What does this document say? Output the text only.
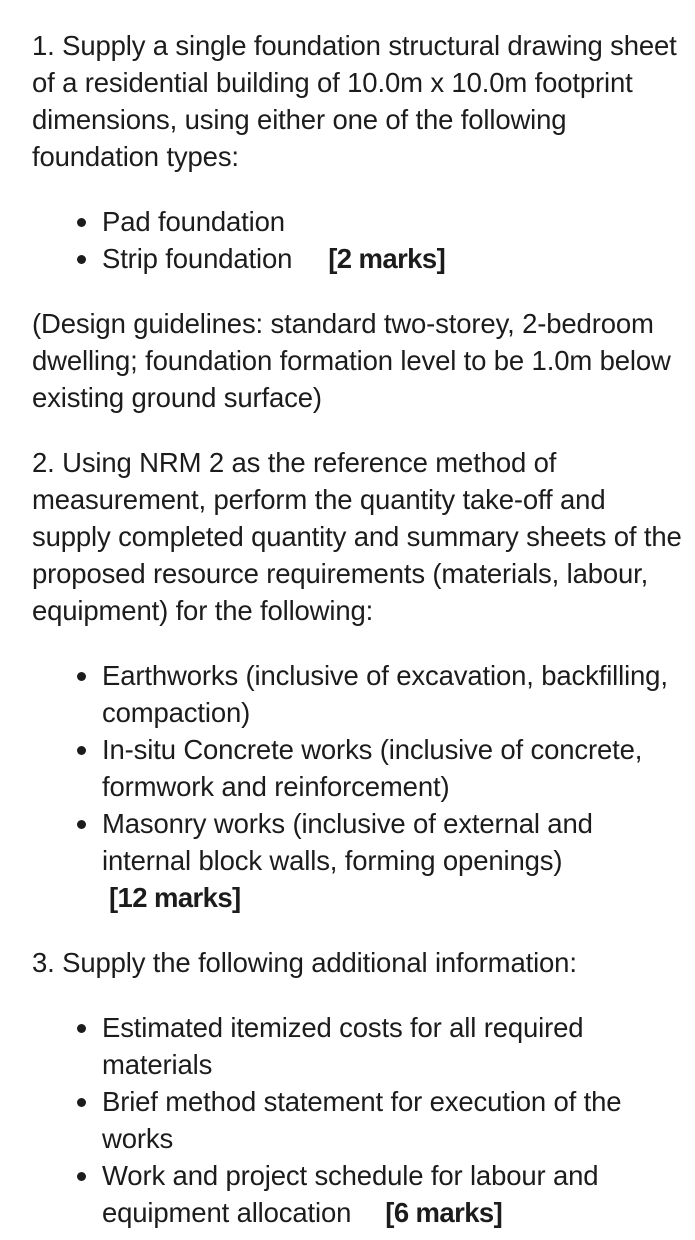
1. Supply a single foundation structural drawing sheet of a residential building of 10.0m x 10.0m footprint dimensions, using either one of the following foundation types:

Pad foundation
Strip foundation [2 marks]

(Design guidelines: standard two-storey, 2-bedroom dwelling; foundation formation level to be 1.0m below existing ground surface)

2. Using NRM 2 as the reference method of measurement, perform the quantity take-off and supply completed quantity and summary sheets of the proposed resource requirements (materials, labour, equipment) for the following:

Earthworks (inclusive of excavation, backfilling, compaction)
In-situ Concrete works (inclusive of concrete, formwork and reinforcement)
Masonry works (inclusive of external and internal block walls, forming openings)
[12 marks]

3. Supply the following additional information:

Estimated itemized costs for all required materials
Brief method statement for execution of the works
Work and project schedule for labour and equipment allocation [6 marks]
